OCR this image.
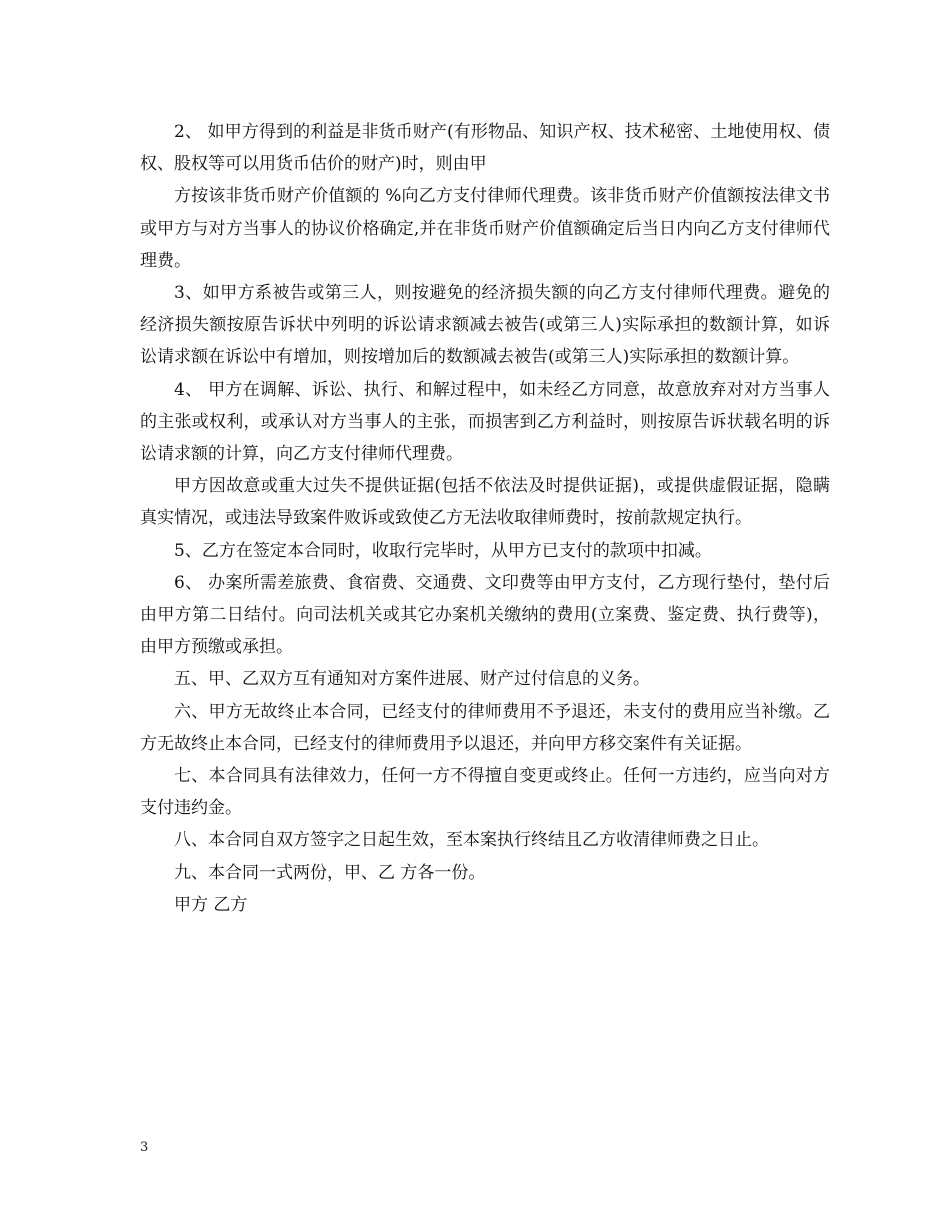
2、 如甲方得到的利益是非货币财产(有形物品、知识产权、技术秘密、土地使用权、债权、股权等可以用货币估价的财产)时，则由甲

方按该非货币财产价值额的 %向乙方支付律师代理费。该非货币财产价值额按法律文书或甲方与对方当事人的协议价格确定,并在非货币财产价值额确定后当日内向乙方支付律师代理费。

3、如甲方系被告或第三人，则按避免的经济损失额的向乙方支付律师代理费。避免的经济损失额按原告诉状中列明的诉讼请求额减去被告(或第三人)实际承担的数额计算，如诉讼请求额在诉讼中有增加，则按增加后的数额减去被告(或第三人)实际承担的数额计算。

4、 甲方在调解、诉讼、执行、和解过程中，如未经乙方同意，故意放弃对对方当事人的主张或权利，或承认对方当事人的主张，而损害到乙方利益时，则按原告诉状载名明的诉讼请求额的计算，向乙方支付律师代理费。

甲方因故意或重大过失不提供证据(包括不依法及时提供证据)，或提供虚假证据，隐瞒真实情况，或违法导致案件败诉或致使乙方无法收取律师费时，按前款规定执行。

5、乙方在签定本合同时，收取行完毕时，从甲方已支付的款项中扣减。

6、 办案所需差旅费、食宿费、交通费、文印费等由甲方支付，乙方现行垫付，垫付后由甲方第二日结付。向司法机关或其它办案机关缴纳的费用(立案费、鉴定费、执行费等)，由甲方预缴或承担。

五、甲、乙双方互有通知对方案件进展、财产过付信息的义务。

六、甲方无故终止本合同，已经支付的律师费用不予退还，未支付的费用应当补缴。乙方无故终止本合同，已经支付的律师费用予以退还，并向甲方移交案件有关证据。

七、本合同具有法律效力，任何一方不得擅自变更或终止。任何一方违约，应当向对方支付违约金。

八、本合同自双方签字之日起生效，至本案执行终结且乙方收清律师费之日止。

九、本合同一式两份，甲、乙 方各一份。

甲方 乙方

3
